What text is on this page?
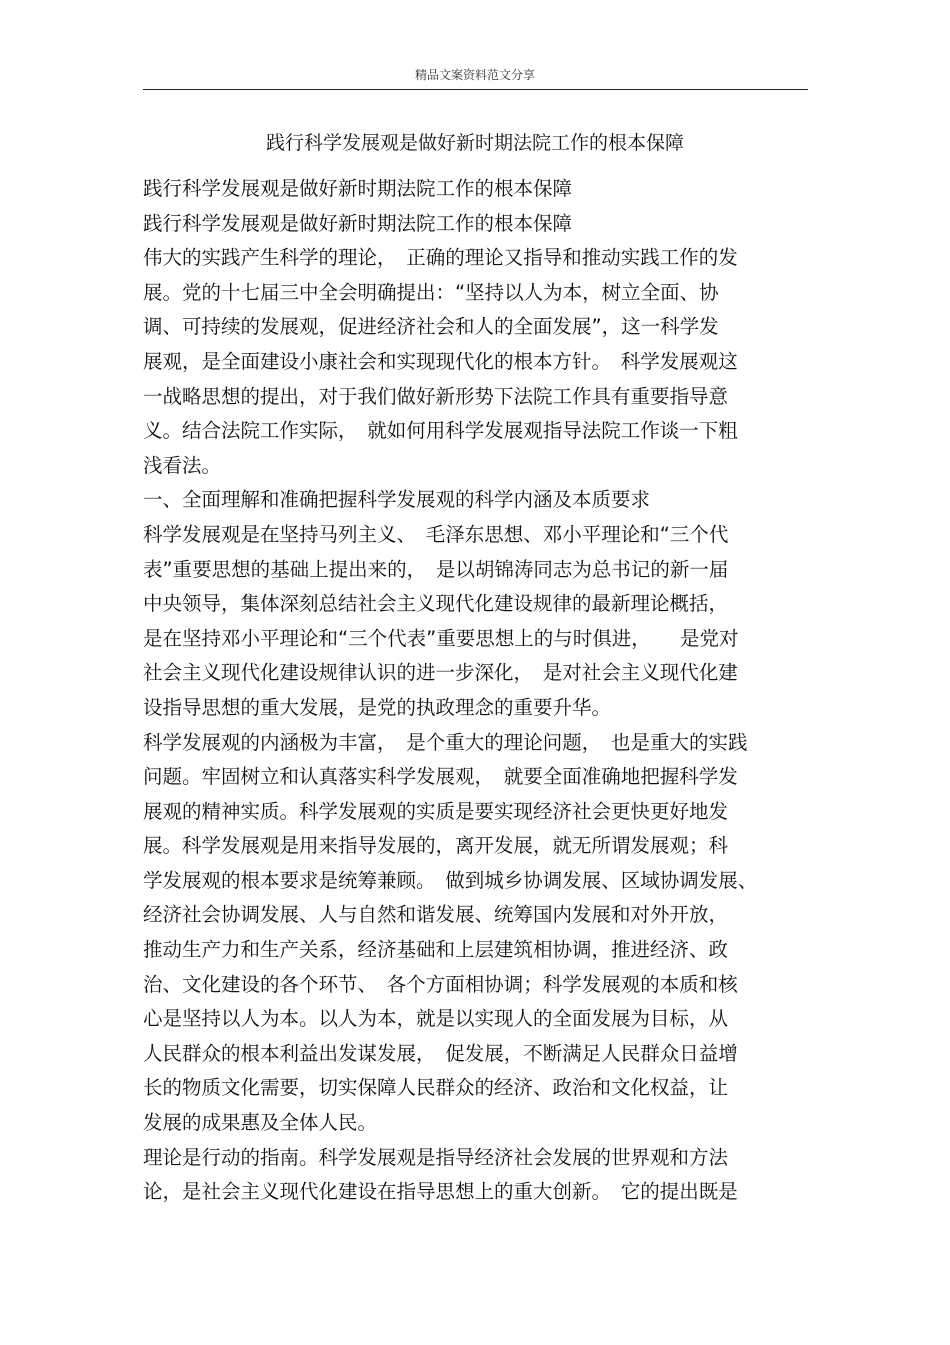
精品文案资料范文分享
践行科学发展观是做好新时期法院工作的根本保障
践行科学发展观是做好新时期法院工作的根本保障
践行科学发展观是做好新时期法院工作的根本保障
伟大的实践产生科学的理论，　正确的理论又指导和推动实践工作的发
展。党的十七届三中全会明确提出：“坚持以人为本，树立全面、协
调、可持续的发展观，促进经济社会和人的全面发展”，这一科学发
展观，是全面建设小康社会和实现现代化的根本方针。　科学发展观这
一战略思想的提出，对于我们做好新形势下法院工作具有重要指导意
义。结合法院工作实际，　就如何用科学发展观指导法院工作谈一下粗
浅看法。
一、全面理解和准确把握科学发展观的科学内涵及本质要求
科学发展观是在坚持马列主义、　毛泽东思想、邓小平理论和“三个代
表”重要思想的基础上提出来的，　是以胡锦涛同志为总书记的新一届
中央领导，集体深刻总结社会主义现代化建设规律的最新理论概括，
是在坚持邓小平理论和“三个代表”重要思想上的与时俱进，　　是党对
社会主义现代化建设规律认识的进一步深化，　是对社会主义现代化建
设指导思想的重大发展，是党的执政理念的重要升华。
科学发展观的内涵极为丰富，　是个重大的理论问题，　也是重大的实践
问题。牢固树立和认真落实科学发展观，　就要全面准确地把握科学发
展观的精神实质。科学发展观的实质是要实现经济社会更快更好地发
展。科学发展观是用来指导发展的，离开发展，就无所谓发展观；科
学发展观的根本要求是统筹兼顾。　做到城乡协调发展、区域协调发展、
经济社会协调发展、人与自然和谐发展、统筹国内发展和对外开放，
推动生产力和生产关系，经济基础和上层建筑相协调，推进经济、政
治、文化建设的各个环节、　各个方面相协调；科学发展观的本质和核
心是坚持以人为本。以人为本，就是以实现人的全面发展为目标，从
人民群众的根本利益出发谋发展，　促发展，不断满足人民群众日益增
长的物质文化需要，切实保障人民群众的经济、政治和文化权益，让
发展的成果惠及全体人民。
理论是行动的指南。科学发展观是指导经济社会发展的世界观和方法
论，是社会主义现代化建设在指导思想上的重大创新。　它的提出既是
